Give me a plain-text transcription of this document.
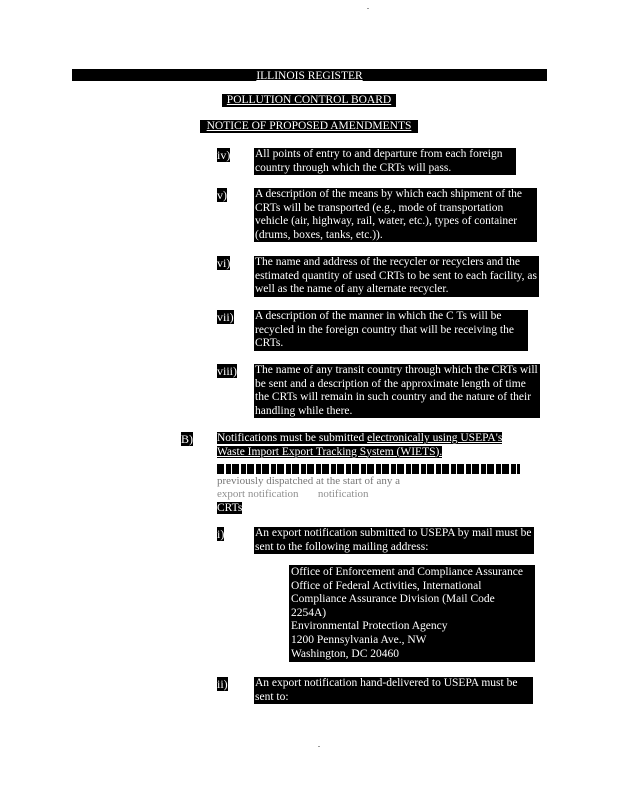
ILLINOIS REGISTER
POLLUTION CONTROL BOARD
NOTICE OF PROPOSED AMENDMENTS
iv) All points of entry to and departure from each foreign country through which the CRTs will pass.
v) A description of the means by which each shipment of the CRTs will be transported (e.g., mode of transportation vehicle (air, highway, rail, water, etc.), types of container (drums, boxes, tanks, etc.)).
vi) The name and address of the recycler or recyclers and the estimated quantity of used CRTs to be sent to each facility, as well as the name of any alternate recycler.
vii) A description of the manner in which the C Ts will be recycled in the foreign country that will be receiving the CRTs.
viii) The name of any transit country through which the CRTs will be sent and a description of the approximate length of time the CRTs will remain in such country and the nature of their handling while there.
B) Notifications must be submitted electronically using USEPA's
Waste Import Export Tracking System (WIETS).
previously dispatched at the start of any a
export notification notification
CRTs
i)	An export notification submitted to USEPA by mail must be sent to the following mailing address:
Office of Enforcement and Compliance Assurance
Office of Federal Activities, International
Compliance Assurance Division (Mail Code
2254A)
Environmental Protection Agency
1200 Pennsylvania Ave., NW
Washington, DC 20460
ii) An export notification hand-delivered to USEPA must be sent to:
